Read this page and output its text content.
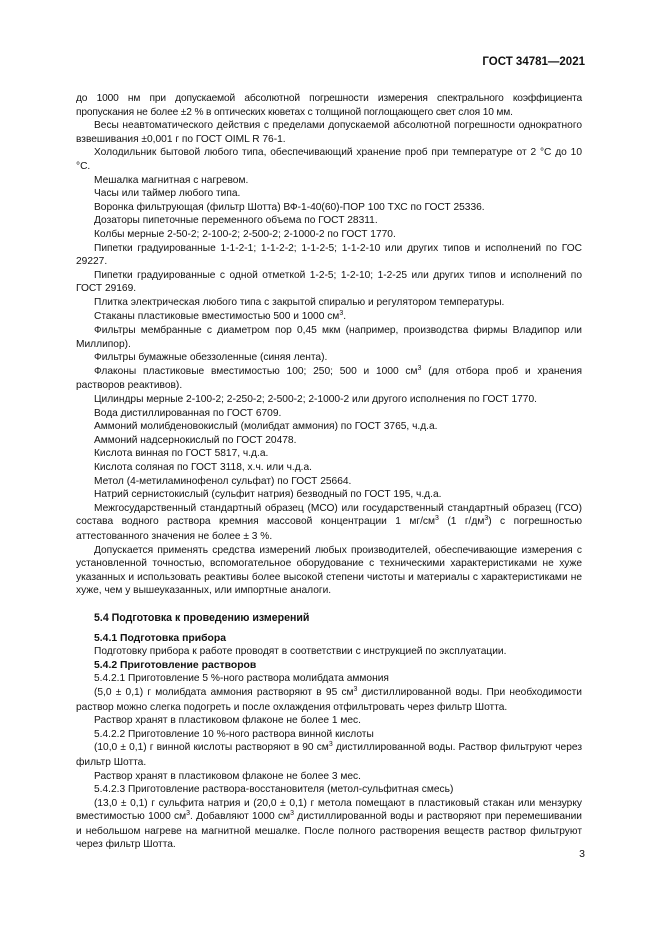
ГОСТ 34781—2021

до 1000 нм при допускаемой абсолютной погрешности измерения спектрального коэффициента пропускания не более ±2 % в оптических кюветах с толщиной поглощающего свет слоя 10 мм.

Весы неавтоматического действия с пределами допускаемой абсолютной погрешности однократного взвешивания ±0,001 г по ГОСТ OIML R 76-1.

Холодильник бытовой любого типа, обеспечивающий хранение проб при температуре от 2 °С до 10 °С.

Мешалка магнитная с нагревом.

Часы или таймер любого типа.

Воронка фильтрующая (фильтр Шотта) ВФ-1-40(60)-ПОР 100 ТХС по ГОСТ 25336.

Дозаторы пипеточные переменного объема по ГОСТ 28311.

Колбы мерные 2-50-2; 2-100-2; 2-500-2; 2-1000-2 по ГОСТ 1770.

Пипетки градуированные 1-1-2-1; 1-1-2-2; 1-1-2-5; 1-1-2-10 или других типов и исполнений по ГОС 29227.

Пипетки градуированные с одной отметкой 1-2-5; 1-2-10; 1-2-25 или других типов и исполнений по ГОСТ 29169.

Плитка электрическая любого типа с закрытой спиралью и регулятором температуры.

Стаканы пластиковые вместимостью 500 и 1000 $см^3$.

Фильтры мембранные с диаметром пор 0,45 мкм (например, производства фирмы Владипор или Миллипор).

Фильтры бумажные обеззоленные (синяя лента).

Флаконы пластиковые вместимостью 100; 250; 500 и 1000 $см^3$ (для отбора проб и хранения растворов реактивов).

Цилиндры мерные 2-100-2; 2-250-2; 2-500-2; 2-1000-2 или другого исполнения по ГОСТ 1770.

Вода дистиллированная по ГОСТ 6709.

Аммоний молибденовокислый (молибдат аммония) по ГОСТ 3765, ч.д.а.

Аммоний надсернокислый по ГОСТ 20478.

Кислота винная по ГОСТ 5817, ч.д.а.

Кислота соляная по ГОСТ 3118, х.ч. или ч.д.а.

Метол (4-метиламинофенол сульфат) по ГОСТ 25664.

Натрий сернистокислый (сульфит натрия) безводный по ГОСТ 195, ч.д.а.

Межгосударственный стандартный образец (МСО) или государственный стандартный образец (ГСО) состава водного раствора кремния массовой концентрации 1 $мг/см^3$ (1 $г/дм^3$) с погрешностью аттестованного значения не более ± 3 %.

Допускается применять средства измерений любых производителей, обеспечивающие измерения с установленной точностью, вспомогательное оборудование с техническими характеристиками не хуже указанных и использовать реактивы более высокой степени чистоты и материалы с характеристиками не хуже, чем у вышеуказанных, или импортные аналоги.

5.4 Подготовка к проведению измерений
5.4.1 Подготовка прибора

Подготовку прибора к работе проводят в соответствии с инструкцией по эксплуатации.

5.4.2 Приготовление растворов

5.4.2.1 Приготовление 5 %-ного раствора молибдата аммония

(5,0 ± 0,1) г молибдата аммония растворяют в 95 $см^3$ дистиллированной воды. При необходимости раствор можно слегка подогреть и после охлаждения отфильтровать через фильтр Шотта.

Раствор хранят в пластиковом флаконе не более 1 мес.

5.4.2.2 Приготовление 10 %-ного раствора винной кислоты

(10,0 ± 0,1) г винной кислоты растворяют в 90 $см^3$ дистиллированной воды. Раствор фильтруют через фильтр Шотта.

Раствор хранят в пластиковом флаконе не более 3 мес.

5.4.2.3 Приготовление раствора-восстановителя (метол-сульфитная смесь)

(13,0 ± 0,1) г сульфита натрия и (20,0 ± 0,1) г метола помещают в пластиковый стакан или мензурку вместимостью 1000 $см^3$. Добавляют 1000 $см^3$ дистиллированной воды и растворяют при перемешивании и небольшом нагреве на магнитной мешалке. После полного растворения веществ раствор фильтруют через фильтр Шотта.

3
